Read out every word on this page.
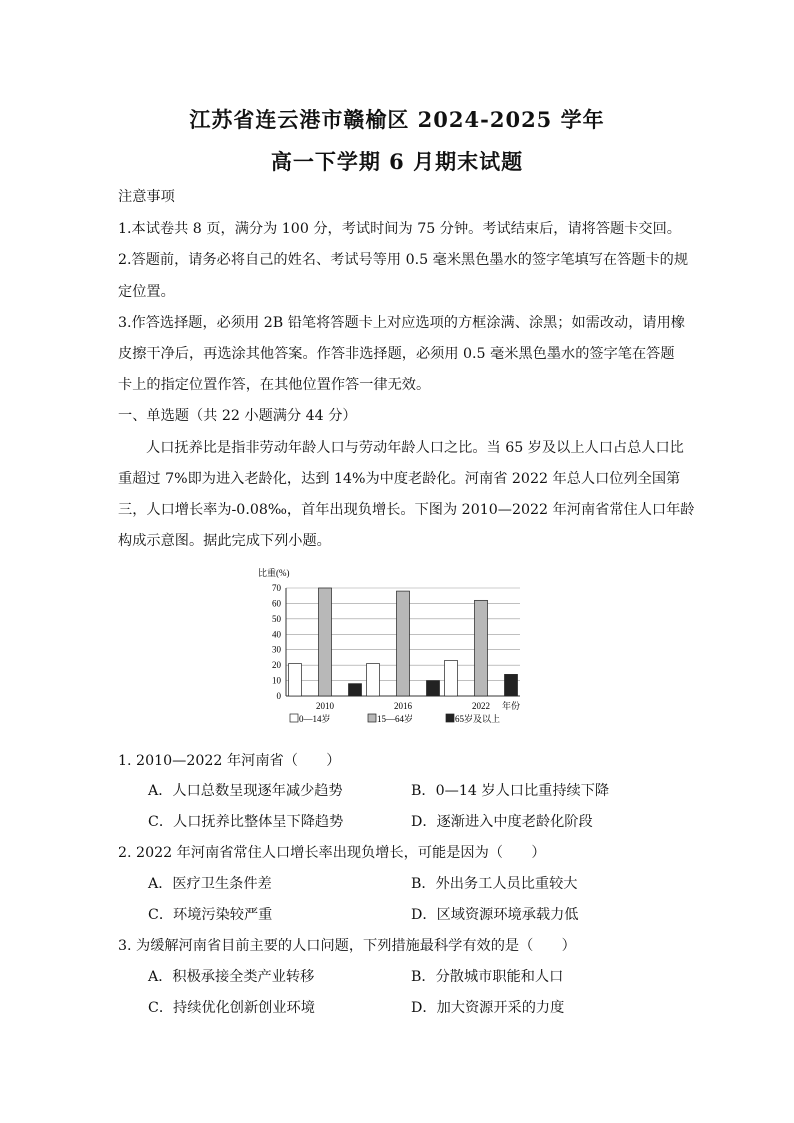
江苏省连云港市赣榆区 2024-2025 学年
高一下学期 6 月期末试题
注意事项
1.本试卷共 8 页，满分为 100 分，考试时间为 75 分钟。考试结束后，请将答题卡交回。
2.答题前，请务必将自己的姓名、考试号等用 0.5 毫米黑色墨水的签字笔填写在答题卡的规
定位置。
3.作答选择题，必须用 2B 铅笔将答题卡上对应选项的方框涂满、涂黑；如需改动，请用橡
皮擦干净后，再选涂其他答案。作答非选择题，必须用 0.5 毫米黑色墨水的签字笔在答题
卡上的指定位置作答，在其他位置作答一律无效。
一、单选题（共 22 小题满分 44 分）
人口抚养比是指非劳动年龄人口与劳动年龄人口之比。当 65 岁及以上人口占总人口比
重超过 7%即为进入老龄化，达到 14%为中度老龄化。河南省 2022 年总人口位列全国第
三，人口增长率为-0.08‰，首年出现负增长。下图为 2010—2022 年河南省常住人口年龄
构成示意图。据此完成下列小题。
比重(%)
0
10
20
30
40
50
60
70
2010	2016	2022 年份
0—14岁	15—64岁	65岁及以上
1. 2010—2022 年河南省（　　）
A．人口总数呈现逐年减少趋势	B．0—14 岁人口比重持续下降
C．人口抚养比整体呈下降趋势	D．逐渐进入中度老龄化阶段
2. 2022 年河南省常住人口增长率出现负增长，可能是因为（　　）
A．医疗卫生条件差	B．外出务工人员比重较大
C．环境污染较严重	D．区域资源环境承载力低
3. 为缓解河南省目前主要的人口问题，下列措施最科学有效的是（　　）
A．积极承接全类产业转移	B．分散城市职能和人口
C．持续优化创新创业环境	D．加大资源开采的力度
